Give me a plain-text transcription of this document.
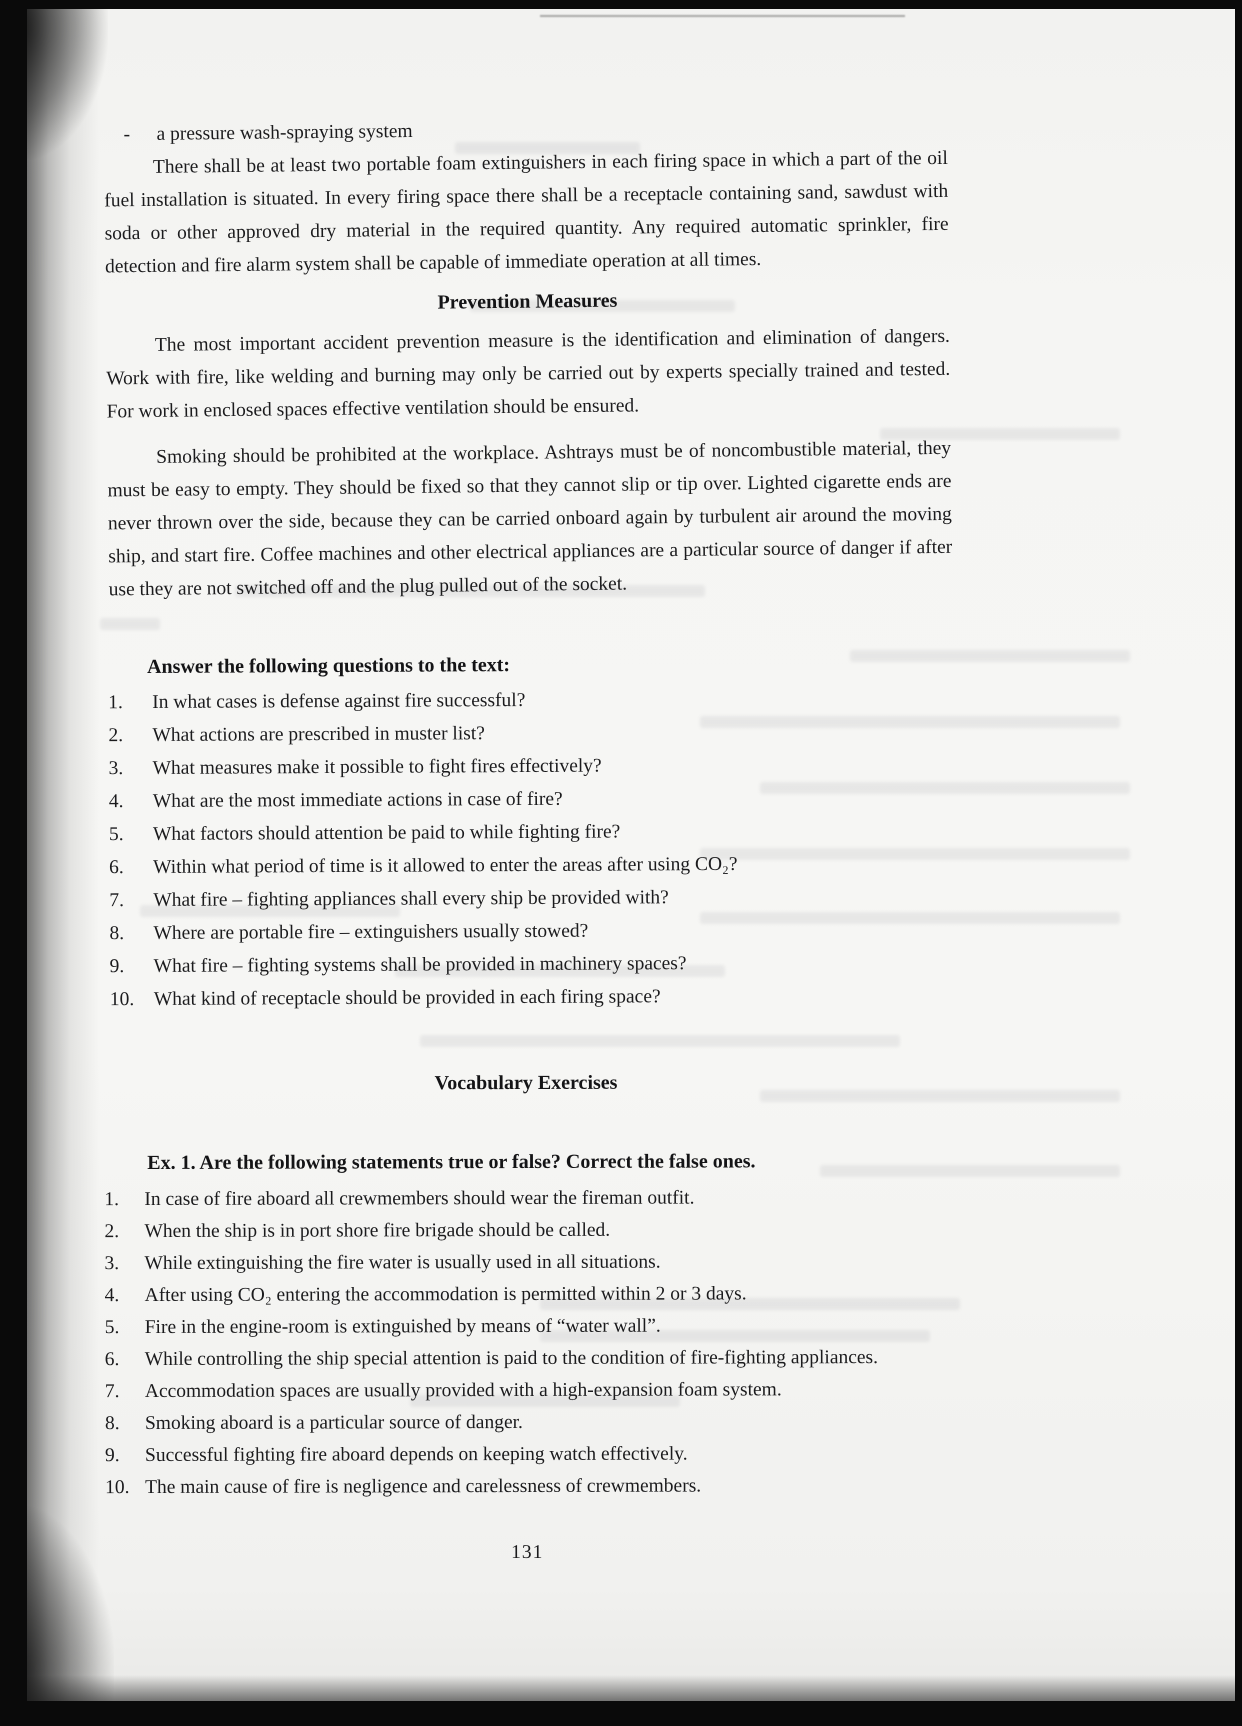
-	a pressure wash-spraying system

There shall be at least two portable foam extinguishers in each firing space in which a part of the oil fuel installation is situated. In every firing space there shall be a receptacle containing sand, sawdust with soda or other approved dry material in the required quantity. Any required automatic sprinkler, fire detection and fire alarm system shall be capable of immediate operation at all times.

Prevention Measures

The most important accident prevention measure is the identification and elimination of dangers. Work with fire, like welding and burning may only be carried out by experts specially trained and tested. For work in enclosed spaces effective ventilation should be ensured.

Smoking should be prohibited at the workplace. Ashtrays must be of noncombustible material, they must be easy to empty. They should be fixed so that they cannot slip or tip over. Lighted cigarette ends are never thrown over the side, because they can be carried onboard again by turbulent air around the moving ship, and start fire. Coffee machines and other electrical appliances are a particular source of danger if after use they are not switched off and the plug pulled out of the socket.

Answer the following questions to the text:
1.	In what cases is defense against fire successful?
2.	What actions are prescribed in muster list?
3.	What measures make it possible to fight fires effectively?
4.	What are the most immediate actions in case of fire?
5.	What factors should attention be paid to while fighting fire?
6.	Within what period of time is it allowed to enter the areas after using CO₂?
7.	What fire – fighting appliances shall every ship be provided with?
8.	Where are portable fire – extinguishers usually stowed?
9.	What fire – fighting systems shall be provided in machinery spaces?
10.	What kind of receptacle should be provided in each firing space?
Vocabulary Exercises
Ex. 1. Are the following statements true or false? Correct the false ones.
1.	In case of fire aboard all crewmembers should wear the fireman outfit.
2.	When the ship is in port shore fire brigade should be called.
3.	While extinguishing the fire water is usually used in all situations.
4.	After using CO₂ entering the accommodation is permitted within 2 or 3 days.
5.	Fire in the engine-room is extinguished by means of “water wall”.
6.	While controlling the ship special attention is paid to the condition of fire-fighting appliances.
7.	Accommodation spaces are usually provided with a high-expansion foam system.
8.	Smoking aboard is a particular source of danger.
9.	Successful fighting fire aboard depends on keeping watch effectively.
10. The main cause of fire is negligence and carelessness of crewmembers.
131
